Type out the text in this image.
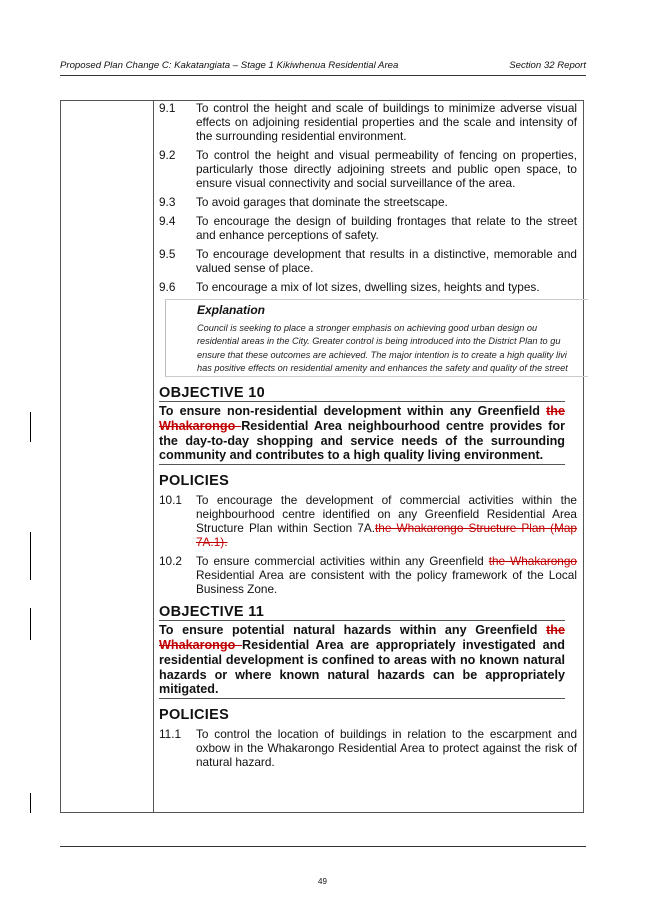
Proposed Plan Change C: Kakatangiata – Stage 1 Kikiwhenua Residential Area	Section 32 Report
9.1	To control the height and scale of buildings to minimize adverse visual effects on adjoining residential properties and the scale and intensity of the surrounding residential environment.
9.2	To control the height and visual permeability of fencing on properties, particularly those directly adjoining streets and public open space, to ensure visual connectivity and social surveillance of the area.
9.3	To avoid garages that dominate the streetscape.
9.4	To encourage the design of building frontages that relate to the street and enhance perceptions of safety.
9.5	To encourage development that results in a distinctive, memorable and valued sense of place.
9.6	To encourage a mix of lot sizes, dwelling sizes, heights and types.
Explanation
Council is seeking to place a stronger emphasis on achieving good urban design ou
residential areas in the City. Greater control is being introduced into the District Plan to gu
ensure that these outcomes are achieved. The major intention is to create a high quality livi
has positive effects on residential amenity and enhances the safety and quality of the street
OBJECTIVE 10
To ensure non-residential development within any Greenfield the Whakarongo Residential Area neighbourhood centre provides for the day-to-day shopping and service needs of the surrounding community and contributes to a high quality living environment.
POLICIES
10.1	To encourage the development of commercial activities within the neighbourhood centre identified on any Greenfield Residential Area Structure Plan within Section 7A.the Whakarongo Structure Plan (Map 7A.1).
10.2	To ensure commercial activities within any Greenfield the Whakarongo Residential Area are consistent with the policy framework of the Local Business Zone.
OBJECTIVE 11
To ensure potential natural hazards within any Greenfield the Whakarongo Residential Area are appropriately investigated and residential development is confined to areas with no known natural hazards or where known natural hazards can be appropriately mitigated.
POLICIES
11.1	To control the location of buildings in relation to the escarpment and oxbow in the Whakarongo Residential Area to protect against the risk of natural hazard.
49
